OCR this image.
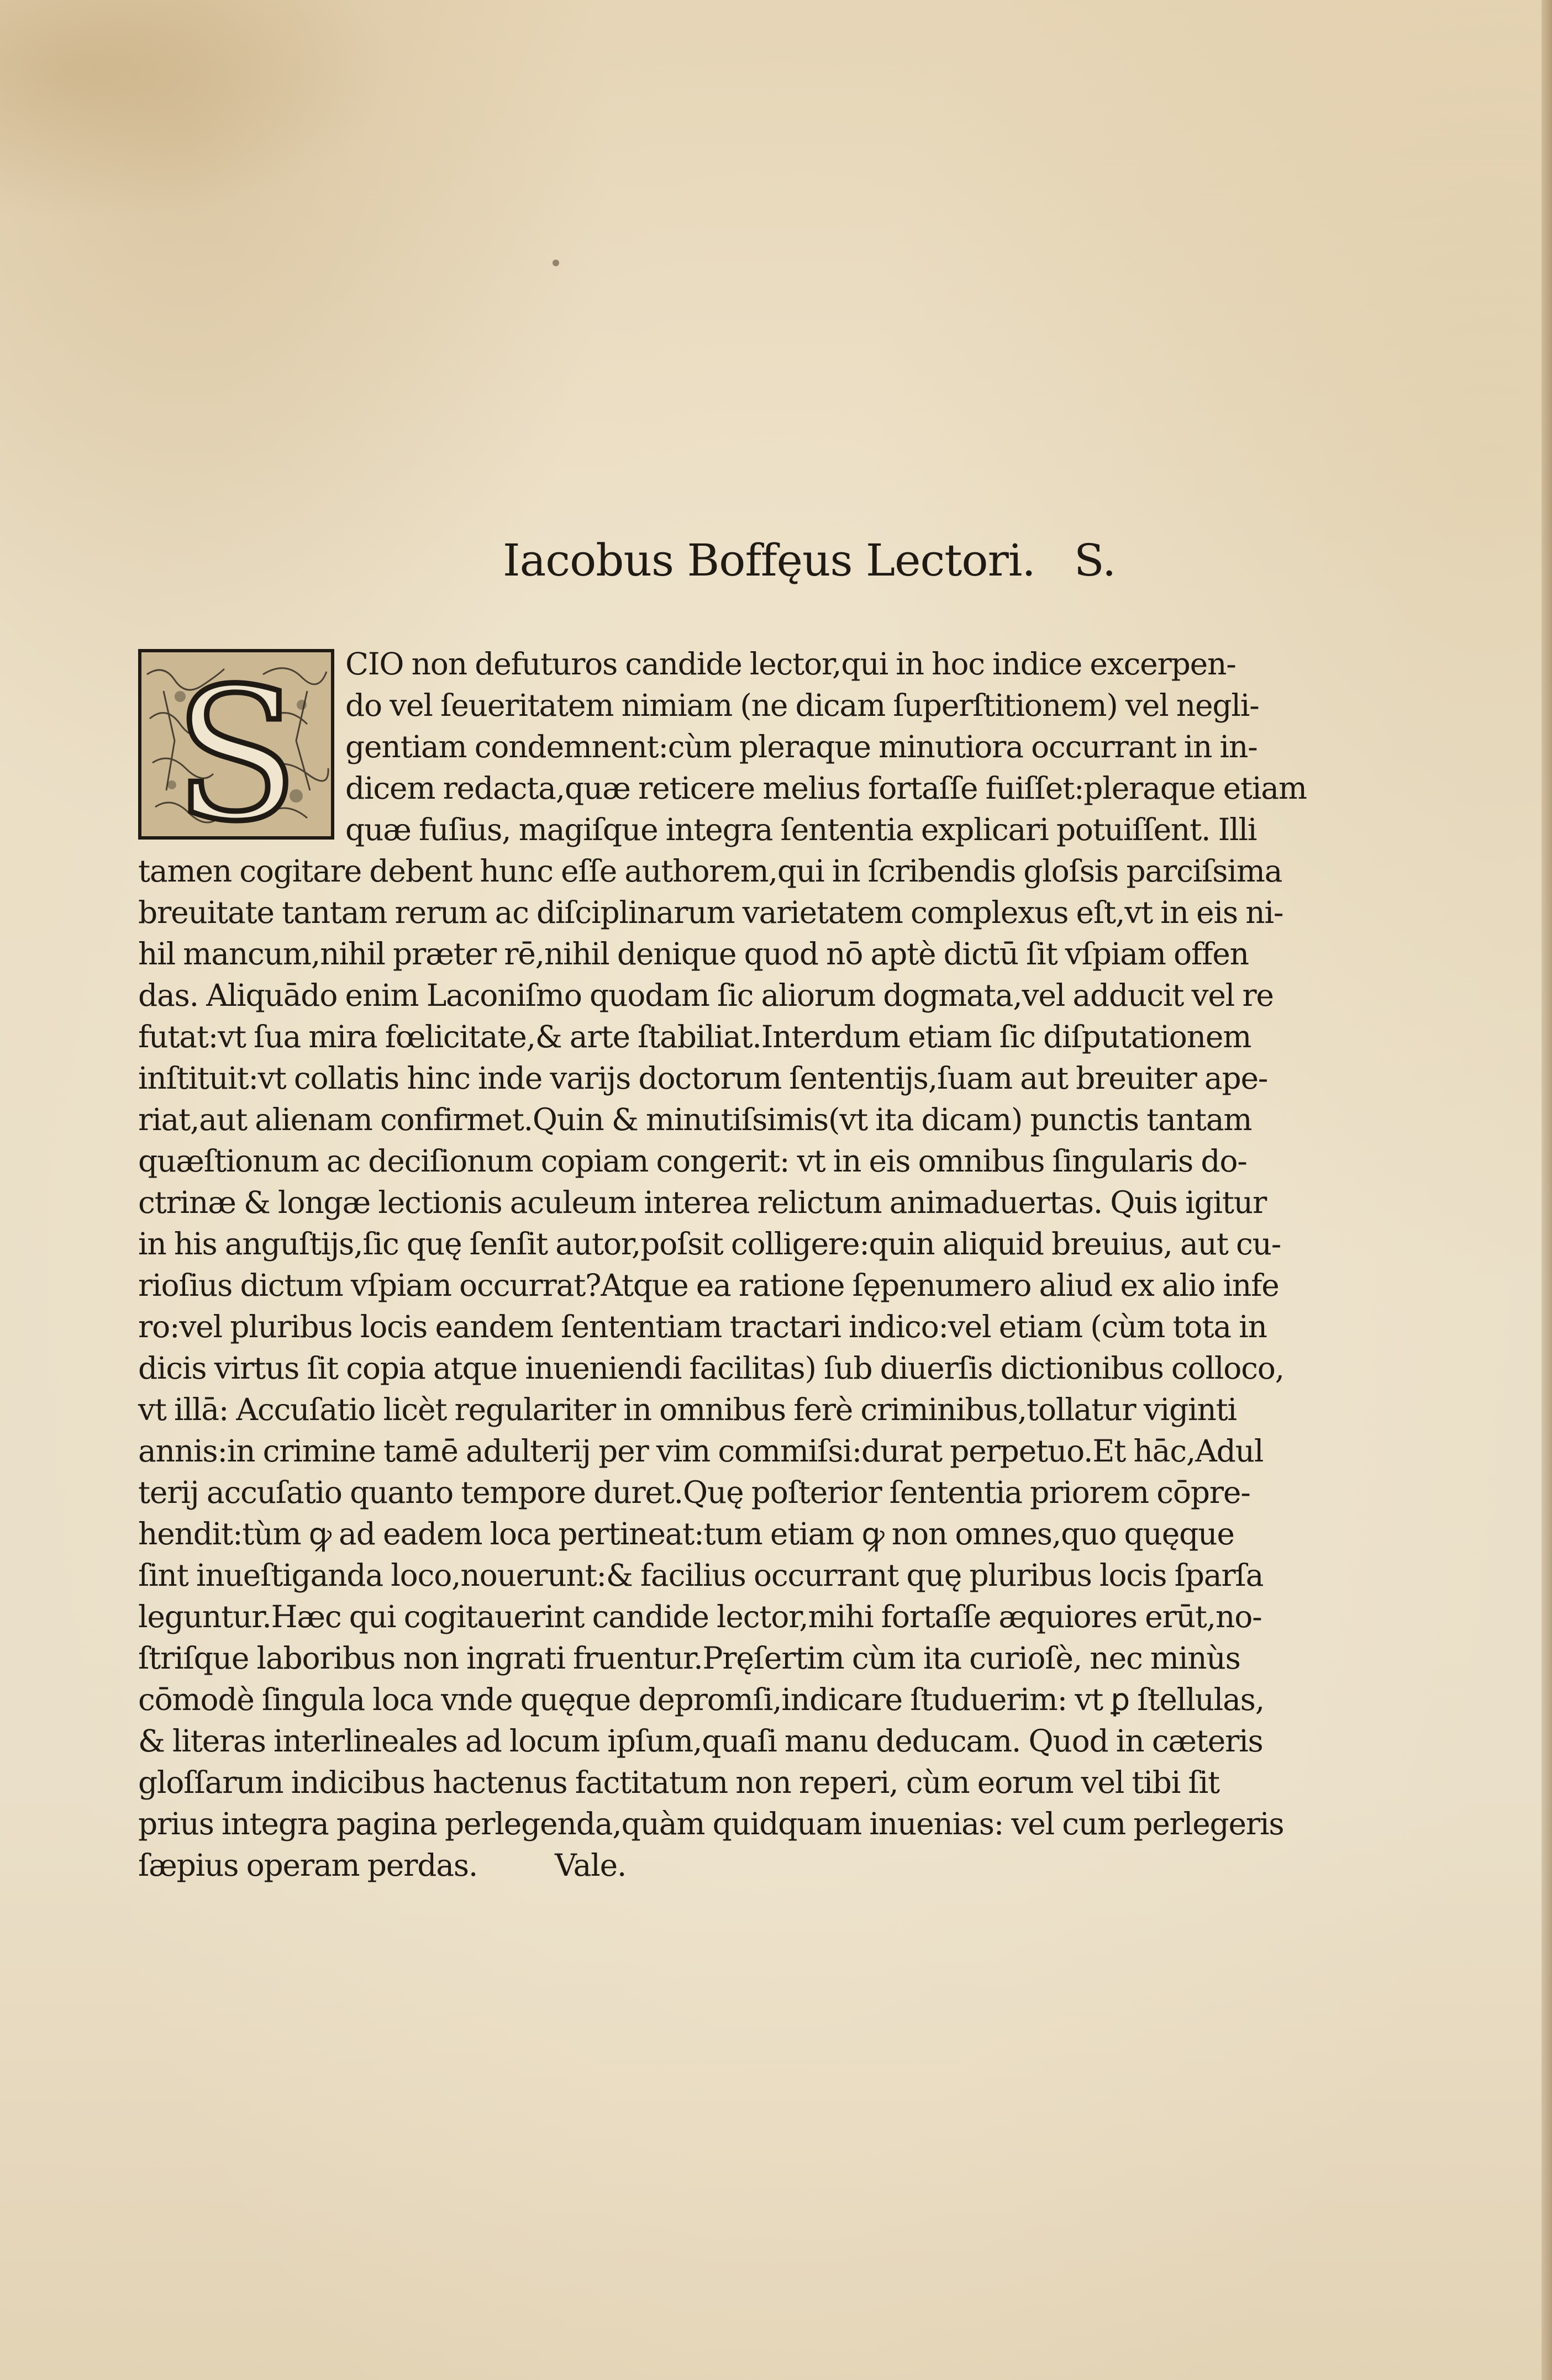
Iacobus Boffęus Lectori. S.
S	CIO non defuturos candide lector,qui in hoc indice excerpen-
do vel ſeueritatem nimiam (ne dicam ſuperſtitionem) vel negli-
gentiam condemnent:cùm pleraque minutiora occurrant in in-
dicem redacta,quæ reticere melius fortaſſe fuiſſet:pleraque etiam
quæ fuſius, magiſque integra ſententia explicari potuiſſent. Illi
tamen cogitare debent hunc eſſe authorem,qui in ſcribendis gloſsis parciſsima
breuitate tantam rerum ac diſciplinarum varietatem complexus eſt,vt in eis ni-
hil mancum,nihil præter rē,nihil denique quod nō aptè dictū ſit vſpiam offen
das. Aliquādo enim Laconiſmo quodam ſic aliorum dogmata,vel adducit vel re
futat:vt ſua mira fœlicitate,& arte ſtabiliat.Interdum etiam ſic diſputationem
inſtituit:vt collatis hinc inde varijs doctorum ſententijs,ſuam aut breuiter ape-
riat,aut alienam confirmet.Quin & minutiſsimis(vt ita dicam) punctis tantam
quæſtionum ac deciſionum copiam congerit: vt in eis omnibus ſingularis do-
ctrinæ & longæ lectionis aculeum interea relictum animaduertas. Quis igitur
in his anguſtijs,ſic quę ſenſit autor,poſsit colligere:quin aliquid breuius, aut cu-
rioſius dictum vſpiam occurrat?Atque ea ratione ſępenumero aliud ex alio infe
ro:vel pluribus locis eandem ſententiam tractari indico:vel etiam (cùm tota in
dicis virtus ſit copia atque inueniendi facilitas) ſub diuerſis dictionibus colloco,
vt illā: Accuſatio licèt regulariter in omnibus ferè criminibus,tollatur viginti
annis:in crimine tamē adulterij per vim commiſsi:durat perpetuo.Et hāc,Adul
terij accuſatio quanto tempore duret.Quę poſterior ſententia priorem cōpre-
hendit:tùm ꝙ ad eadem loca pertineat:tum etiam ꝙ non omnes,quo quęque
ſint inueſtiganda loco,nouerunt:& facilius occurrant quę pluribus locis ſparſa
leguntur.Hæc qui cogitauerint candide lector,mihi fortaſſe æquiores erūt,no-
ſtriſque laboribus non ingrati fruentur.Pręſertim cùm ita curioſè, nec minùs
cōmodè ſingula loca vnde quęque depromſi,indicare ſtuduerim: vt ꝑ ſtellulas,
& literas interlineales ad locum ipſum,quaſi manu deducam. Quod in cæteris
gloſſarum indicibus hactenus factitatum non reperi, cùm eorum vel tibi ſit
prius integra pagina perlegenda,quàm quidquam inuenias: vel cum perlegeris
ſæpius operam perdas.	Vale.
